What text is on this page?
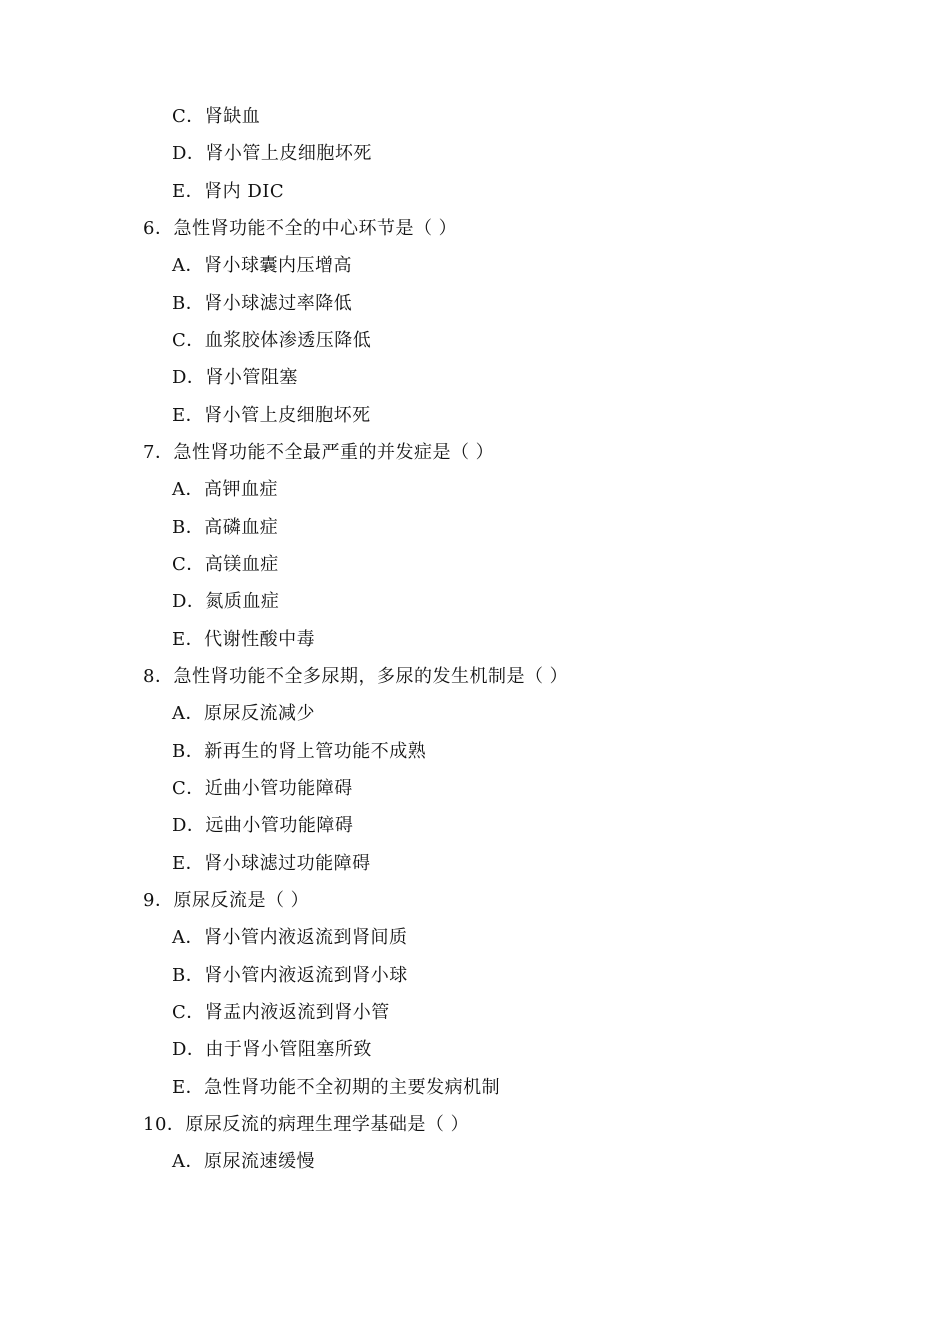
C．肾缺血
D．肾小管上皮细胞坏死
E．肾内 DIC
6．急性肾功能不全的中心环节是（ ）
A．肾小球囊内压增高
B．肾小球滤过率降低
C．血浆胶体渗透压降低
D．肾小管阻塞
E．肾小管上皮细胞坏死
7．急性肾功能不全最严重的并发症是（ ）
A．高钾血症
B．高磷血症
C．高镁血症
D．氮质血症
E．代谢性酸中毒
8．急性肾功能不全多尿期，多尿的发生机制是（ ）
A．原尿反流减少
B．新再生的肾上管功能不成熟
C．近曲小管功能障碍
D．远曲小管功能障碍
E．肾小球滤过功能障碍
9．原尿反流是（ ）
A．肾小管内液返流到肾间质
B．肾小管内液返流到肾小球
C．肾盂内液返流到肾小管
D．由于肾小管阻塞所致
E．急性肾功能不全初期的主要发病机制
10．原尿反流的病理生理学基础是（ ）
A．原尿流速缓慢
